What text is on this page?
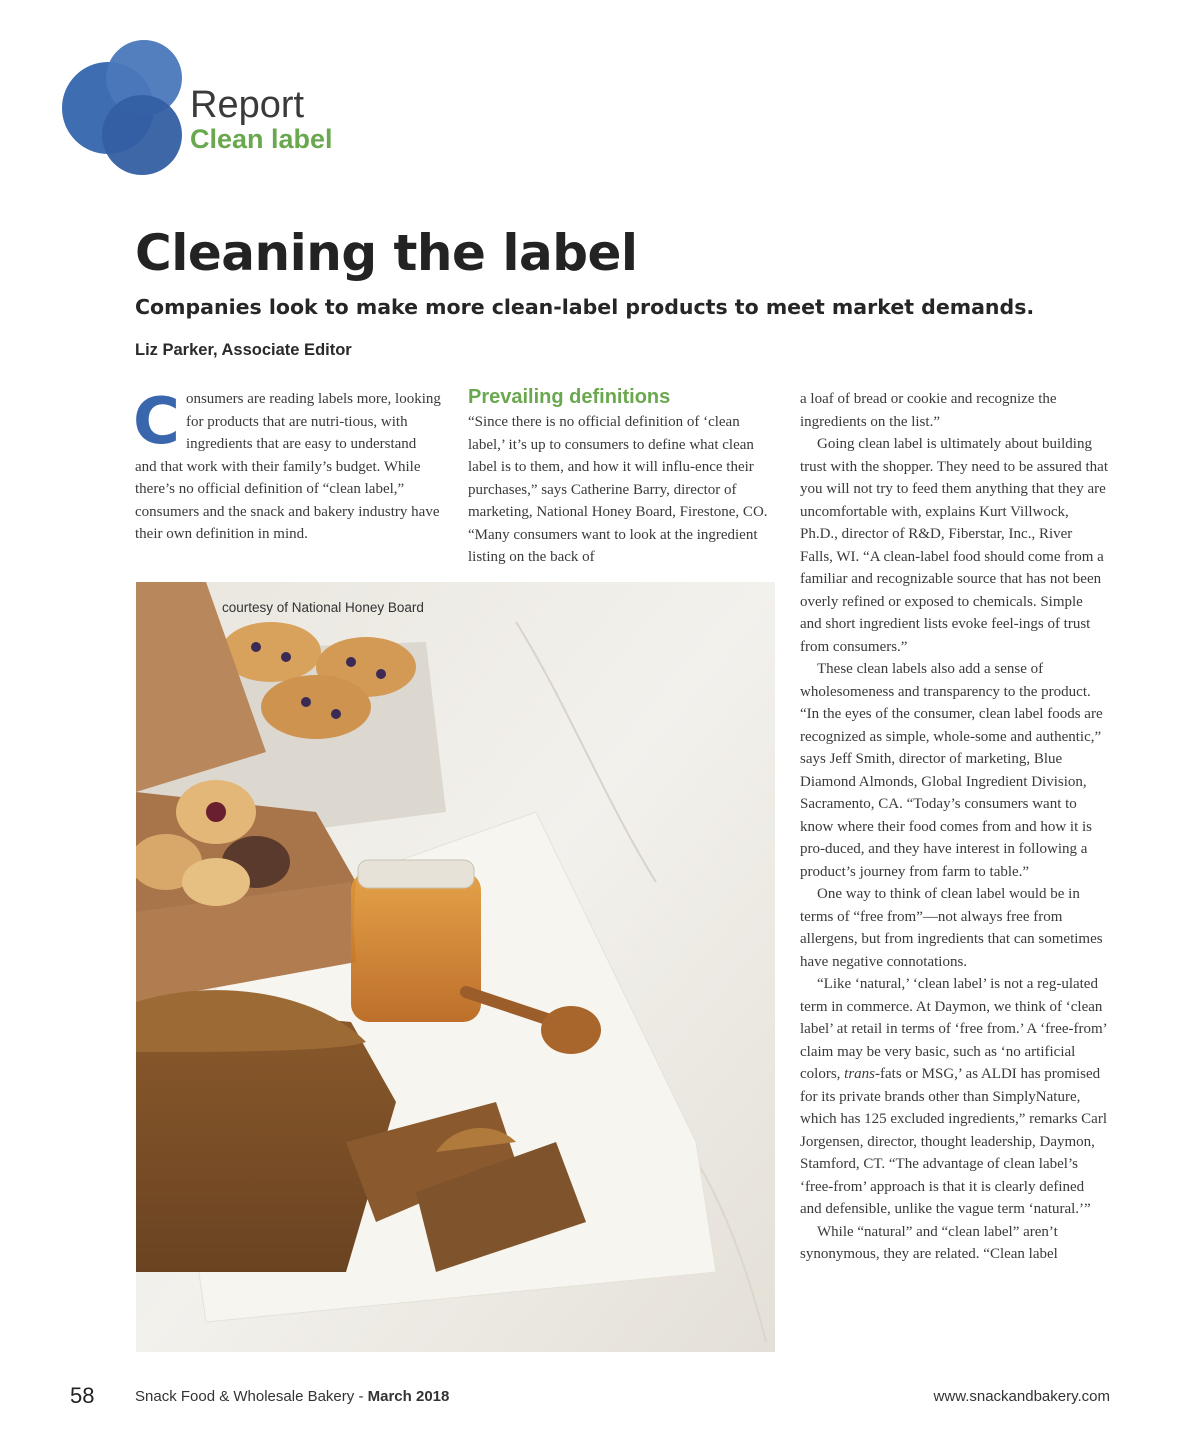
Report
Clean label
Cleaning the label
Companies look to make more clean-label products to meet market demands.
Liz Parker, Associate Editor

Consumers are reading labels more, looking for products that are nutri-tious, with ingredients that are easy to understand and that work with their family’s budget. While there’s no official definition of “clean label,” consumers and the snack and bakery industry have their own definition in mind.

Prevailing definitions

“Since there is no official definition of ‘clean label,’ it’s up to consumers to define what clean label is to them, and how it will influ-ence their purchases,” says Catherine Barry, director of marketing, National Honey Board, Firestone, CO. “Many consumers want to look at the ingredient listing on the back of

a loaf of bread or cookie and recognize the ingredients on the list.”

Going clean label is ultimately about building trust with the shopper. They need to be assured that you will not try to feed them anything that they are uncomfortable with, explains Kurt Villwock, Ph.D., director of R&D, Fiberstar, Inc., River Falls, WI. “A clean-label food should come from a familiar and recognizable source that has not been overly refined or exposed to chemicals. Simple and short ingredient lists evoke feel-ings of trust from consumers.”

These clean labels also add a sense of wholesomeness and transparency to the product. “In the eyes of the consumer, clean label foods are recognized as simple, whole-some and authentic,” says Jeff Smith, director of marketing, Blue Diamond Almonds, Global Ingredient Division, Sacramento, CA. “Today’s consumers want to know where their food comes from and how it is pro-duced, and they have interest in following a product’s journey from farm to table.”

One way to think of clean label would be in terms of “free from”—not always free from allergens, but from ingredients that can sometimes have negative connotations.

“Like ‘natural,’ ‘clean label’ is not a reg-ulated term in commerce. At Daymon, we think of ‘clean label’ at retail in terms of ‘free from.’ A ‘free-from’ claim may be very basic, such as ‘no artificial colors, trans-fats or MSG,’ as ALDI has promised for its private brands other than SimplyNature, which has 125 excluded ingredients,” remarks Carl Jorgensen, director, thought leadership, Daymon, Stamford, CT. “The advantage of clean label’s ‘free-from’ approach is that it is clearly defined and defensible, unlike the vague term ‘natural.’”

While “natural” and “clean label” aren’t synonymous, they are related. “Clean label

courtesy of National Honey Board
58	Snack Food & Wholesale Bakery - March 2018	www.snackandbakery.com
